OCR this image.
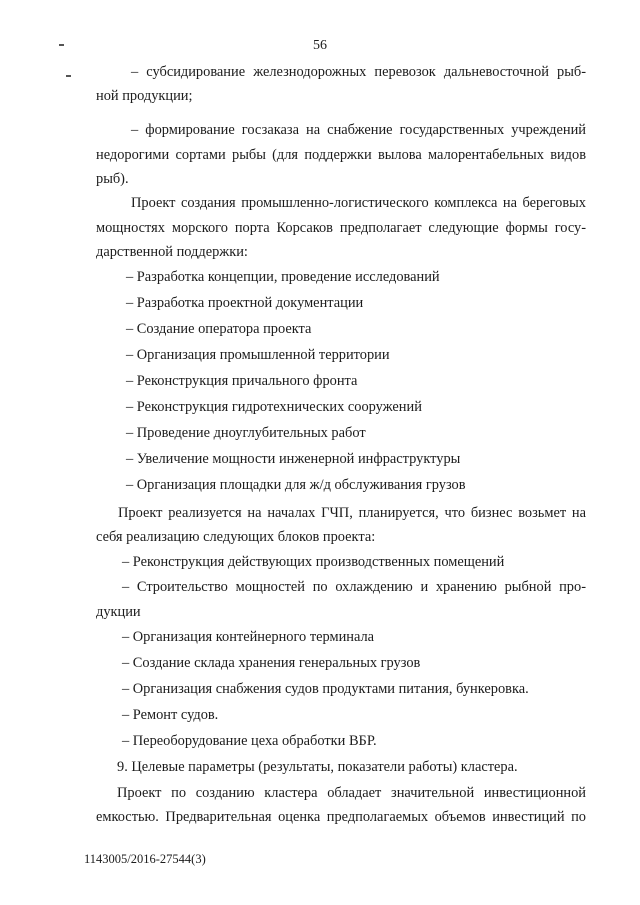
56
– субсидирование железнодорожных перевозок дальневосточной рыб-
ной продукции;
– формирование госзаказа на снабжение государственных учреждений
недорогими сортами рыбы (для поддержки вылова малорентабельных видов
рыб).
Проект создания промышленно-логистического комплекса на береговых
мощностях морского порта Корсаков предполагает следующие формы госу-
дарственной поддержки:
– Разработка концепции, проведение исследований
– Разработка проектной документации
– Создание оператора проекта
– Организация промышленной территории
– Реконструкция причального фронта
– Реконструкция гидротехнических сооружений
– Проведение дноуглубительных работ
– Увеличение мощности инженерной инфраструктуры
– Организация площадки для ж/д обслуживания грузов
Проект реализуется на началах ГЧП, планируется, что бизнес возьмет на
себя реализацию следующих блоков проекта:
– Реконструкция действующих производственных помещений
– Строительство мощностей по охлаждению и хранению рыбной про-
дукции
– Организация контейнерного терминала
– Создание склада хранения генеральных грузов
– Организация снабжения судов продуктами питания, бункеровка.
– Ремонт судов.
– Переоборудование цеха обработки ВБР.
9. Целевые параметры (результаты, показатели работы) кластера.
Проект по созданию кластера обладает значительной инвестиционной
емкостью. Предварительная оценка предполагаемых объемов инвестиций по
1143005/2016-27544(3)
